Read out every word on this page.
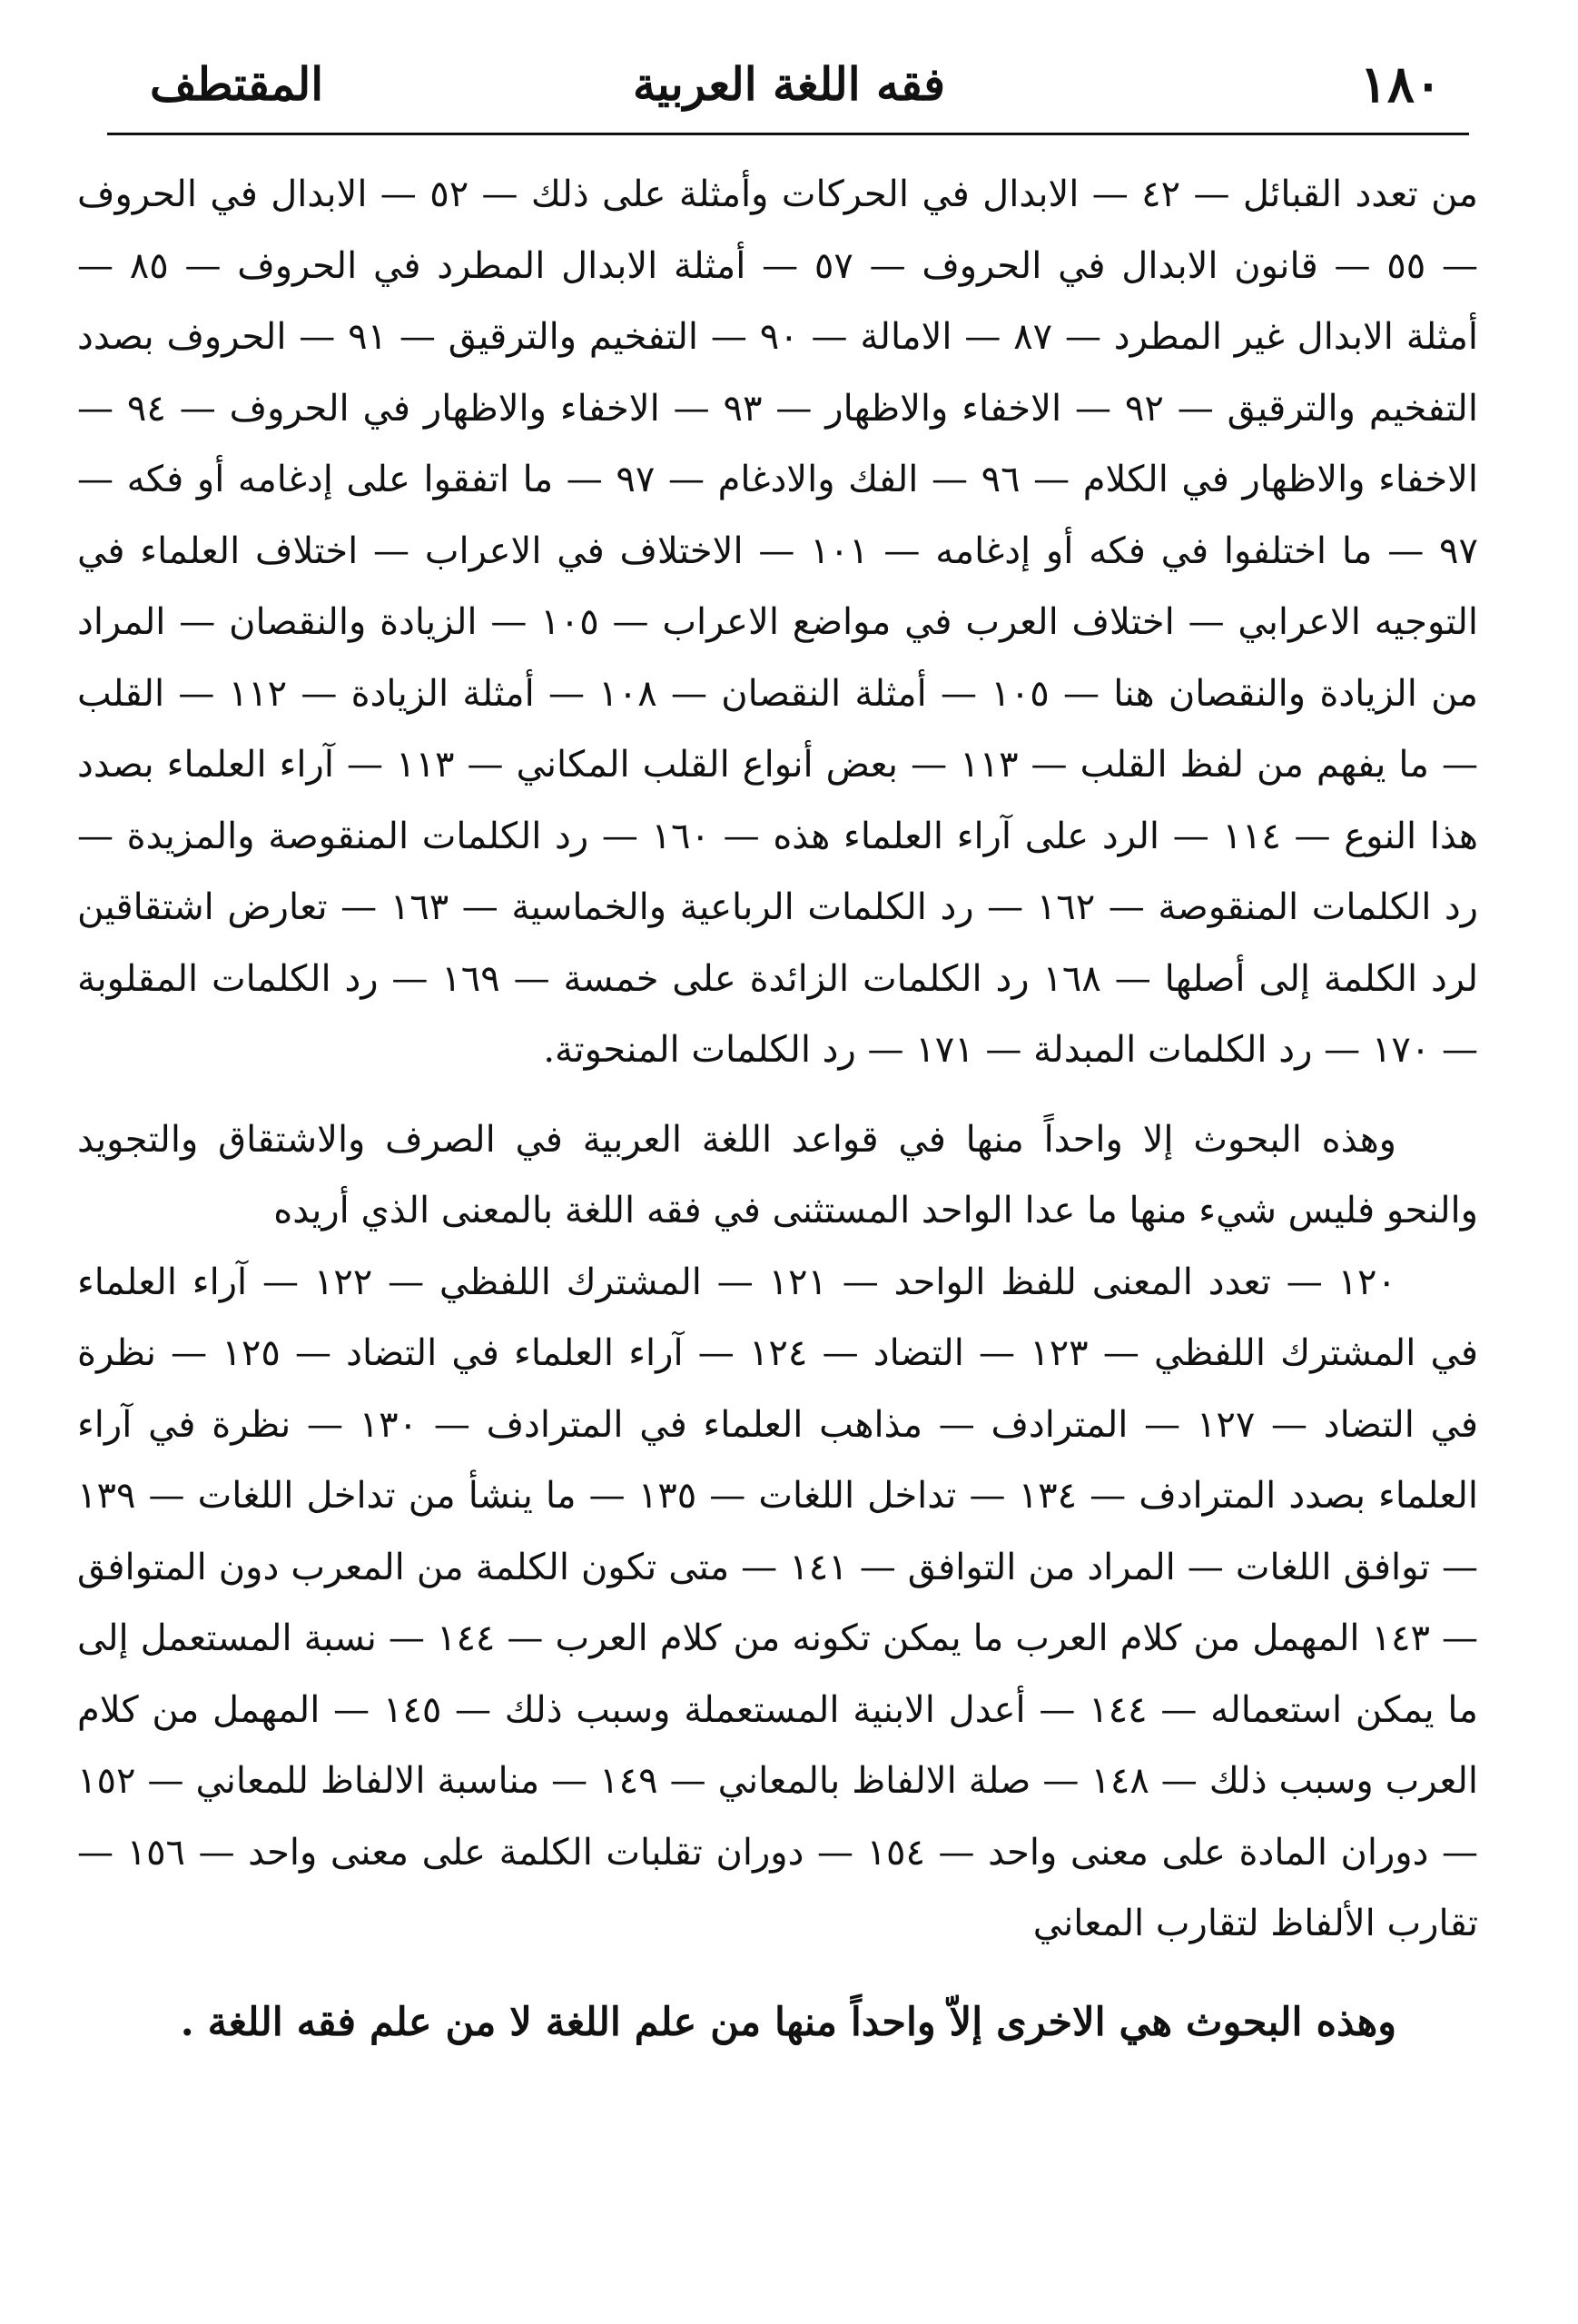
١٨٠
فقه اللغة العربية
المقتطف

من تعدد القبائل — ٤٢ — الابدال في الحركات وأمثلة على ذلك — ٥٢ — الابدال في الحروف — ٥٥ — قانون الابدال في الحروف — ٥٧ — أمثلة الابدال المطرد في الحروف — ٨٥ — أمثلة الابدال غير المطرد — ٨٧ — الامالة — ٩٠ — التفخيم والترقيق — ٩١ — الحروف بصدد التفخيم والترقيق — ٩٢ — الاخفاء والاظهار — ٩٣ — الاخفاء والاظهار في الحروف — ٩٤ — الاخفاء والاظهار في الكلام — ٩٦ — الفك والادغام — ٩٧ — ما اتفقوا على إدغامه أو فكه — ٩٧ — ما اختلفوا في فكه أو إدغامه — ١٠١ — الاختلاف في الاعراب — اختلاف العلماء في التوجيه الاعرابي — اختلاف العرب في مواضع الاعراب — ١٠٥ — الزيادة والنقصان — المراد من الزيادة والنقصان هنا — ١٠٥ — أمثلة النقصان — ١٠٨ — أمثلة الزيادة — ١١٢ — القلب — ما يفهم من لفظ القلب — ١١٣ — بعض أنواع القلب المكاني — ١١٣ — آراء العلماء بصدد هذا النوع — ١١٤ — الرد على آراء العلماء هذه — ١٦٠ — رد الكلمات المنقوصة والمزيدة — رد الكلمات المنقوصة — ١٦٢ — رد الكلمات الرباعية والخماسية — ١٦٣ — تعارض اشتقاقين لرد الكلمة إلى أصلها — ١٦٨ رد الكلمات الزائدة على خمسة — ١٦٩ — رد الكلمات المقلوبة — ١٧٠ — رد الكلمات المبدلة — ١٧١ — رد الكلمات المنحوتة.

وهذه البحوث إلا واحداً منها في قواعد اللغة العربية في الصرف والاشتقاق والتجويد والنحو فليس شيء منها ما عدا الواحد المستثنى في فقه اللغة بالمعنى الذي أريده

١٢٠ — تعدد المعنى للفظ الواحد — ١٢١ — المشترك اللفظي — ١٢٢ — آراء العلماء في المشترك اللفظي — ١٢٣ — التضاد — ١٢٤ — آراء العلماء في التضاد — ١٢٥ — نظرة في التضاد — ١٢٧ — المترادف — مذاهب العلماء في المترادف — ١٣٠ — نظرة في آراء العلماء بصدد المترادف — ١٣٤ — تداخل اللغات — ١٣٥ — ما ينشأ من تداخل اللغات — ١٣٩ — توافق اللغات — المراد من التوافق — ١٤١ — متى تكون الكلمة من المعرب دون المتوافق — ١٤٣ المهمل من كلام العرب ما يمكن تكونه من كلام العرب — ١٤٤ — نسبة المستعمل إلى ما يمكن استعماله — ١٤٤ — أعدل الابنية المستعملة وسبب ذلك — ١٤٥ — المهمل من كلام العرب وسبب ذلك — ١٤٨ — صلة الالفاظ بالمعاني — ١٤٩ — مناسبة الالفاظ للمعاني — ١٥٢ — دوران المادة على معنى واحد — ١٥٤ — دوران تقلبات الكلمة على معنى واحد — ١٥٦ — تقارب الألفاظ لتقارب المعاني

وهذه البحوث هي الاخرى إلاّ واحداً منها من علم اللغة لا من علم فقه اللغة .
